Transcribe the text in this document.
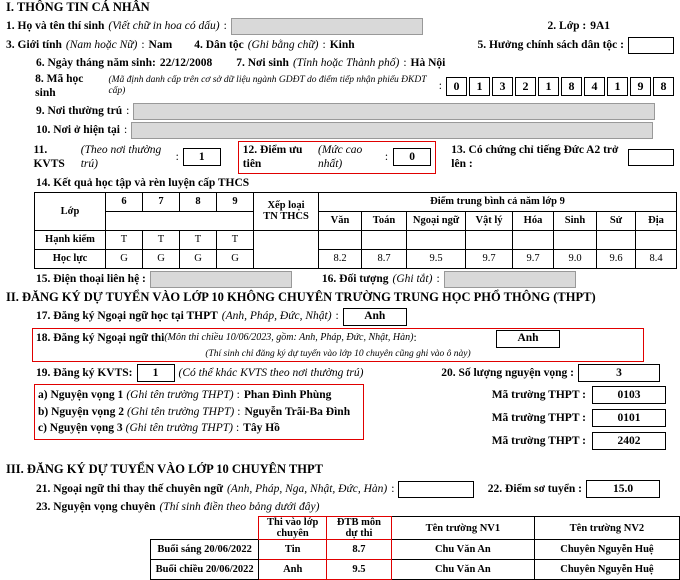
I. THÔNG TIN CÁ NHÂN
1. Họ và tên thí sinh (Viết chữ in hoa có dấu) :	2. Lớp : 9A1
3. Giới tính (Nam hoặc Nữ) : Nam 4. Dân tộc (Ghi bằng chữ) : Kinh	5. Hưởng chính sách dân tộc :
6. Ngày tháng năm sinh: 22/12/2008 7. Nơi sinh (Tỉnh hoặc Thành phố) : Hà Nội
8. Mã học sinh
(Mã định danh cấp trên cơ sở dữ liệu ngành GDĐT do điểm tiếp nhận phiếu ĐKDT cấp)	: 0	1	3	2	1	8	4	1	9	8
9. Nơi thường trú :
10. Nơi ở hiện tại :
11. KVTS
(Theo nơi thường trú)
:	1
12. Điểm ưu tiên
(Mức cao nhất)
:	0
13. Có chứng chỉ tiếng Đức A2 trở lên :
14. Kết quả học tập và rèn luyện cấp THCS
Lớp	6	7	8	9	Xếp loại
TN THCS	Điểm trung bình cả năm lớp 9							
						Văn	Toán	Ngoại ngữ	Vật lý	Hóa	Sinh	Sử	Địa
Hạnh kiểm	T	T	T	T									
Học lực	G	G	G	G		8.2	8.7	9.5	9.7	9.7	9.0	9.6	8.4
15. Điện thoại liên hệ :	16. Đối tượng (Ghi tắt) :
II. ĐĂNG KÝ DỰ TUYỂN VÀO LỚP 10 KHÔNG CHUYÊN TRƯỜNG TRUNG HỌC PHỔ THÔNG (THPT)
17. Đăng ký Ngoại ngữ học tại THPT (Anh, Pháp, Đức, Nhật) :	Anh
18. Đăng ký Ngoại ngữ thi (Môn thi chiều 10/06/2023, gồm: Anh, Pháp, Đức, Nhật, Hàn) :	Anh
(Thí sinh chỉ đăng ký dự tuyển vào lớp 10 chuyên cũng ghi vào ô này)
19. Đăng ký KVTS:	1	(Có thể khác KVTS theo nơi thường trú)	20. Số lượng nguyện vọng :	3
a) Nguyện vọng 1 (Ghi tên trường THPT) : Phan Đình Phùng
b) Nguyện vọng 2 (Ghi tên trường THPT) : Nguyễn Trãi-Ba Đình
c) Nguyện vọng 3 (Ghi tên trường THPT) : Tây Hồ
Mã trường THPT :	0103
Mã trường THPT :	0101
Mã trường THPT :	2402
III. ĐĂNG KÝ DỰ TUYỂN VÀO LỚP 10 CHUYÊN THPT
21. Ngoại ngữ thi thay thế chuyên ngữ (Anh, Pháp, Nga, Nhật, Đức, Hàn) :	22. Điểm sơ tuyển :	15.0
23. Nguyện vọng chuyên (Thí sinh điền theo bảng dưới đây)
	Thi vào lớp chuyên	ĐTB môn dự thi	Tên trường NV1	Tên trường NV2
Buổi sáng 20/06/2022	Tin	8.7	Chu Văn An	Chuyên Nguyễn Huệ
Buổi chiều 20/06/2022	Anh	9.5	Chu Văn An	Chuyên Nguyễn Huệ
